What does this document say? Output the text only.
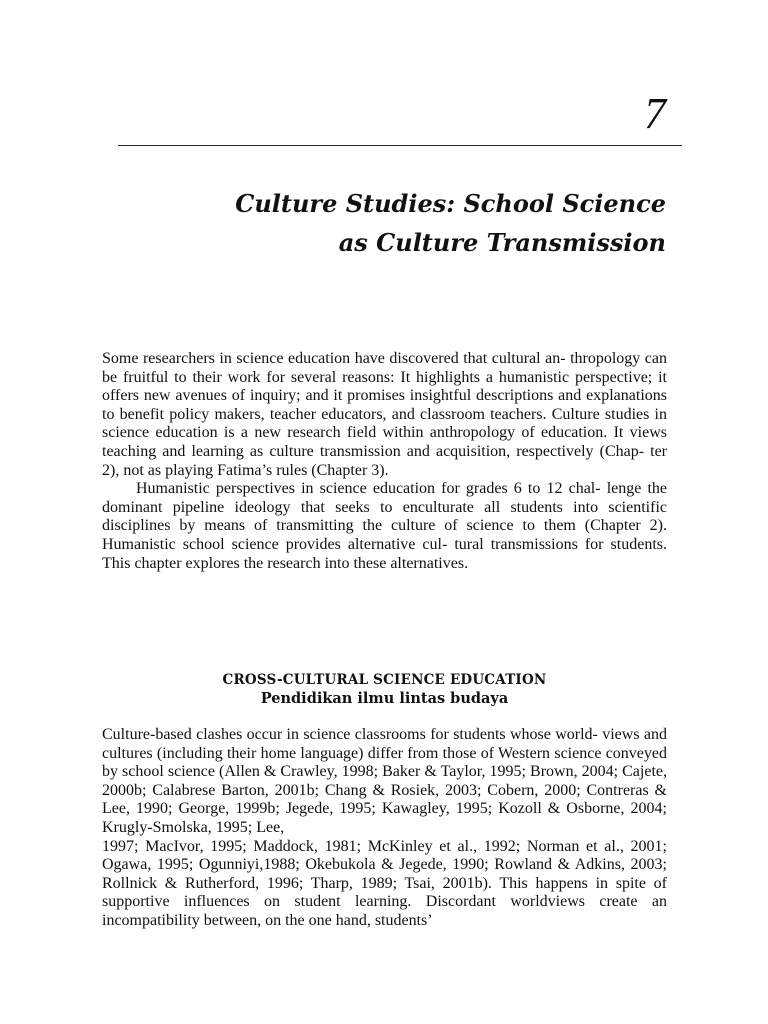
7
Culture Studies: School Science
as Culture Transmission

Some researchers in science education have discovered that cultural an- thropology can be fruitful to their work for several reasons: It highlights a humanistic perspective; it offers new avenues of inquiry; and it promises insightful descriptions and explanations to benefit policy makers, teacher educators, and classroom teachers. Culture studies in science education is a new research field within anthropology of education. It views teaching and learning as culture transmission and acquisition, respectively (Chap- ter 2), not as playing Fatima’s rules (Chapter 3).

Humanistic perspectives in science education for grades 6 to 12 chal- lenge the dominant pipeline ideology that seeks to enculturate all students into scientific disciplines by means of transmitting the culture of science to them (Chapter 2). Humanistic school science provides alternative cul- tural transmissions for students. This chapter explores the research into these alternatives.

CROSS-CULTURAL SCIENCE EDUCATION
Pendidikan ilmu lintas budaya

Culture-based clashes occur in science classrooms for students whose world- views and cultures (including their home language) differ from those of Western science conveyed by school science (Allen & Crawley, 1998; Baker & Taylor, 1995; Brown, 2004; Cajete, 2000b; Calabrese Barton, 2001b; Chang & Rosiek, 2003; Cobern, 2000; Contreras & Lee, 1990; George, 1999b; Jegede, 1995; Kawagley, 1995; Kozoll & Osborne, 2004; Krugly-Smolska, 1995; Lee,

1997; MacIvor, 1995; Maddock, 1981; McKinley et al., 1992; Norman et al., 2001; Ogawa, 1995; Ogunniyi,1988; Okebukola & Jegede, 1990; Rowland & Adkins, 2003; Rollnick & Rutherford, 1996; Tharp, 1989; Tsai, 2001b). This happens in spite of supportive influences on student learning. Discordant worldviews create an incompatibility between, on the one hand, students’
